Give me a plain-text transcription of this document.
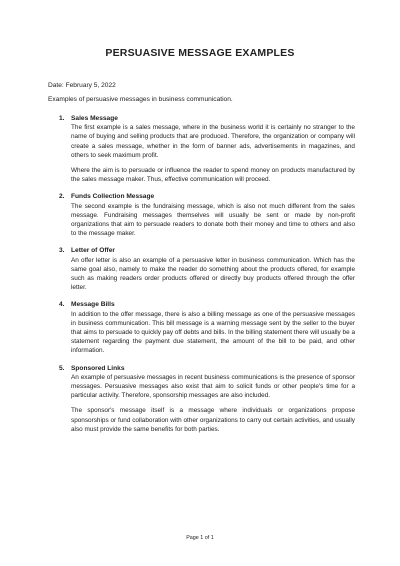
PERSUASIVE MESSAGE EXAMPLES
Date: February 5, 2022
Examples of persuasive messages in business communication.
1. Sales Message

The first example is a sales message, where in the business world it is certainly no stranger to the name of buying and selling products that are produced. Therefore, the organization or company will create a sales message, whether in the form of banner ads, advertisements in magazines, and others to seek maximum profit.

Where the aim is to persuade or influence the reader to spend money on products manufactured by the sales message maker. Thus, effective communication will proceed.

2. Funds Collection Message

The second example is the fundraising message, which is also not much different from the sales message. Fundraising messages themselves will usually be sent or made by non-profit organizations that aim to persuade readers to donate both their money and time to others and also to the message maker.

3. Letter of Offer

An offer letter is also an example of a persuasive letter in business communication. Which has the same goal also, namely to make the reader do something about the products offered, for example such as making readers order products offered or directly buy products offered through the offer letter.

4. Message Bills

In addition to the offer message, there is also a billing message as one of the persuasive messages in business communication. This bill message is a warning message sent by the seller to the buyer that aims to persuade to quickly pay off debts and bills. In the billing statement there will usually be a statement regarding the payment due statement, the amount of the bill to be paid, and other information.

5. Sponsored Links

An example of persuasive messages in recent business communications is the presence of sponsor messages. Persuasive messages also exist that aim to solicit funds or other people's time for a particular activity. Therefore, sponsorship messages are also included.

The sponsor's message itself is a message where individuals or organizations propose sponsorships or fund collaboration with other organizations to carry out certain activities, and usually also must provide the same benefits for both parties.

Page 1 of 1
